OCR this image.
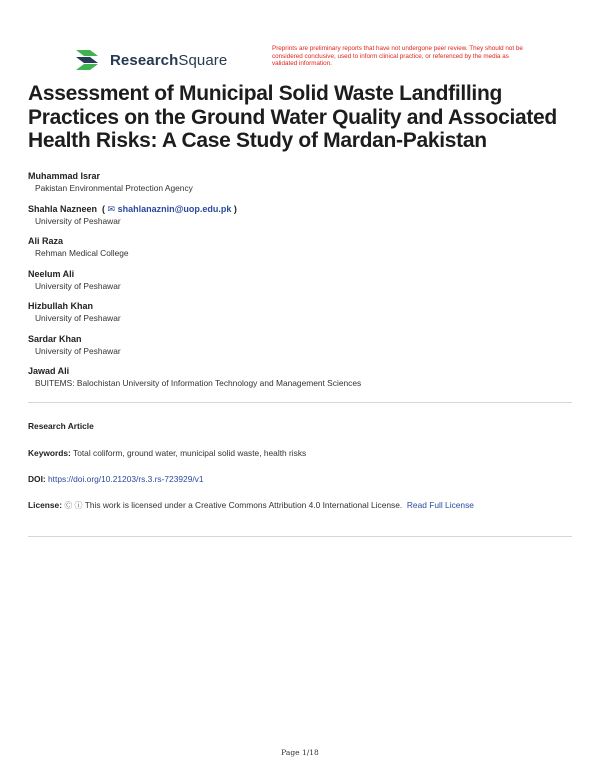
ResearchSquare
Preprints are preliminary reports that have not undergone peer review. They should not be considered conclusive, used to inform clinical practice, or referenced by the media as validated information.
Assessment of Municipal Solid Waste Landfilling Practices on the Ground Water Quality and Associated Health Risks: A Case Study of Mardan-Pakistan
Muhammad Israr
Pakistan Environmental Protection Agency
Shahla Nazneen  ( ✉ shahlanaznin@uop.edu.pk )
University of Peshawar
Ali Raza
Rehman Medical College
Neelum Ali
University of Peshawar
Hizbullah Khan
University of Peshawar
Sardar Khan
University of Peshawar
Jawad Ali
BUITEMS: Balochistan University of Information Technology and Management Sciences
Research Article
Keywords: Total coliform, ground water, municipal solid waste, health risks
DOI: https://doi.org/10.21203/rs.3.rs-723929/v1
License: Ⓒ ⓘ This work is licensed under a Creative Commons Attribution 4.0 International License. Read Full License
Page 1/18
